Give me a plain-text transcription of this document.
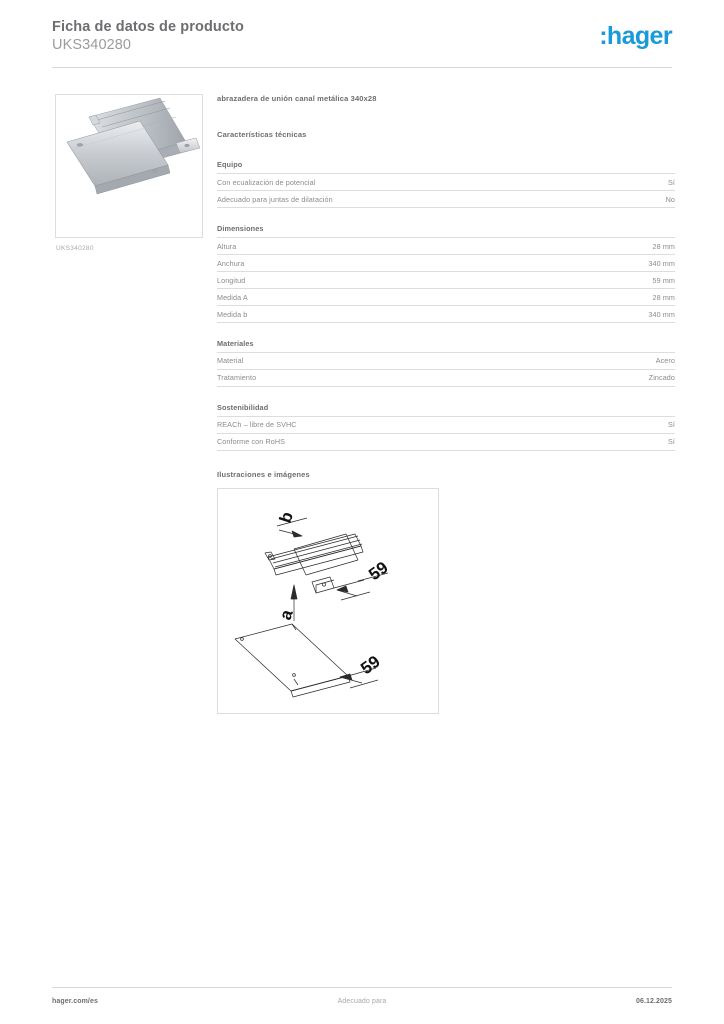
Ficha de datos de producto
UKS340280	:hager
UKS340280
abrazadera de unión canal metálica 340x28
Características técnicas
Equipo
Con ecualización de potencial	Sí
Adecuado para juntas de dilatación	No
Dimensiones
Altura	28 mm
Anchura	340 mm
Longitud	59 mm
Medida A	28 mm
Medida b	340 mm
Materiales
Material	Acero
Tratamiento	Zincado
Sostenibilidad
REACh – libre de SVHC	Sí
Conforme con RoHS	Sí
Ilustraciones e imágenes
b
59
a
59
hager.com/es	Adecuado para	06.12.2025
